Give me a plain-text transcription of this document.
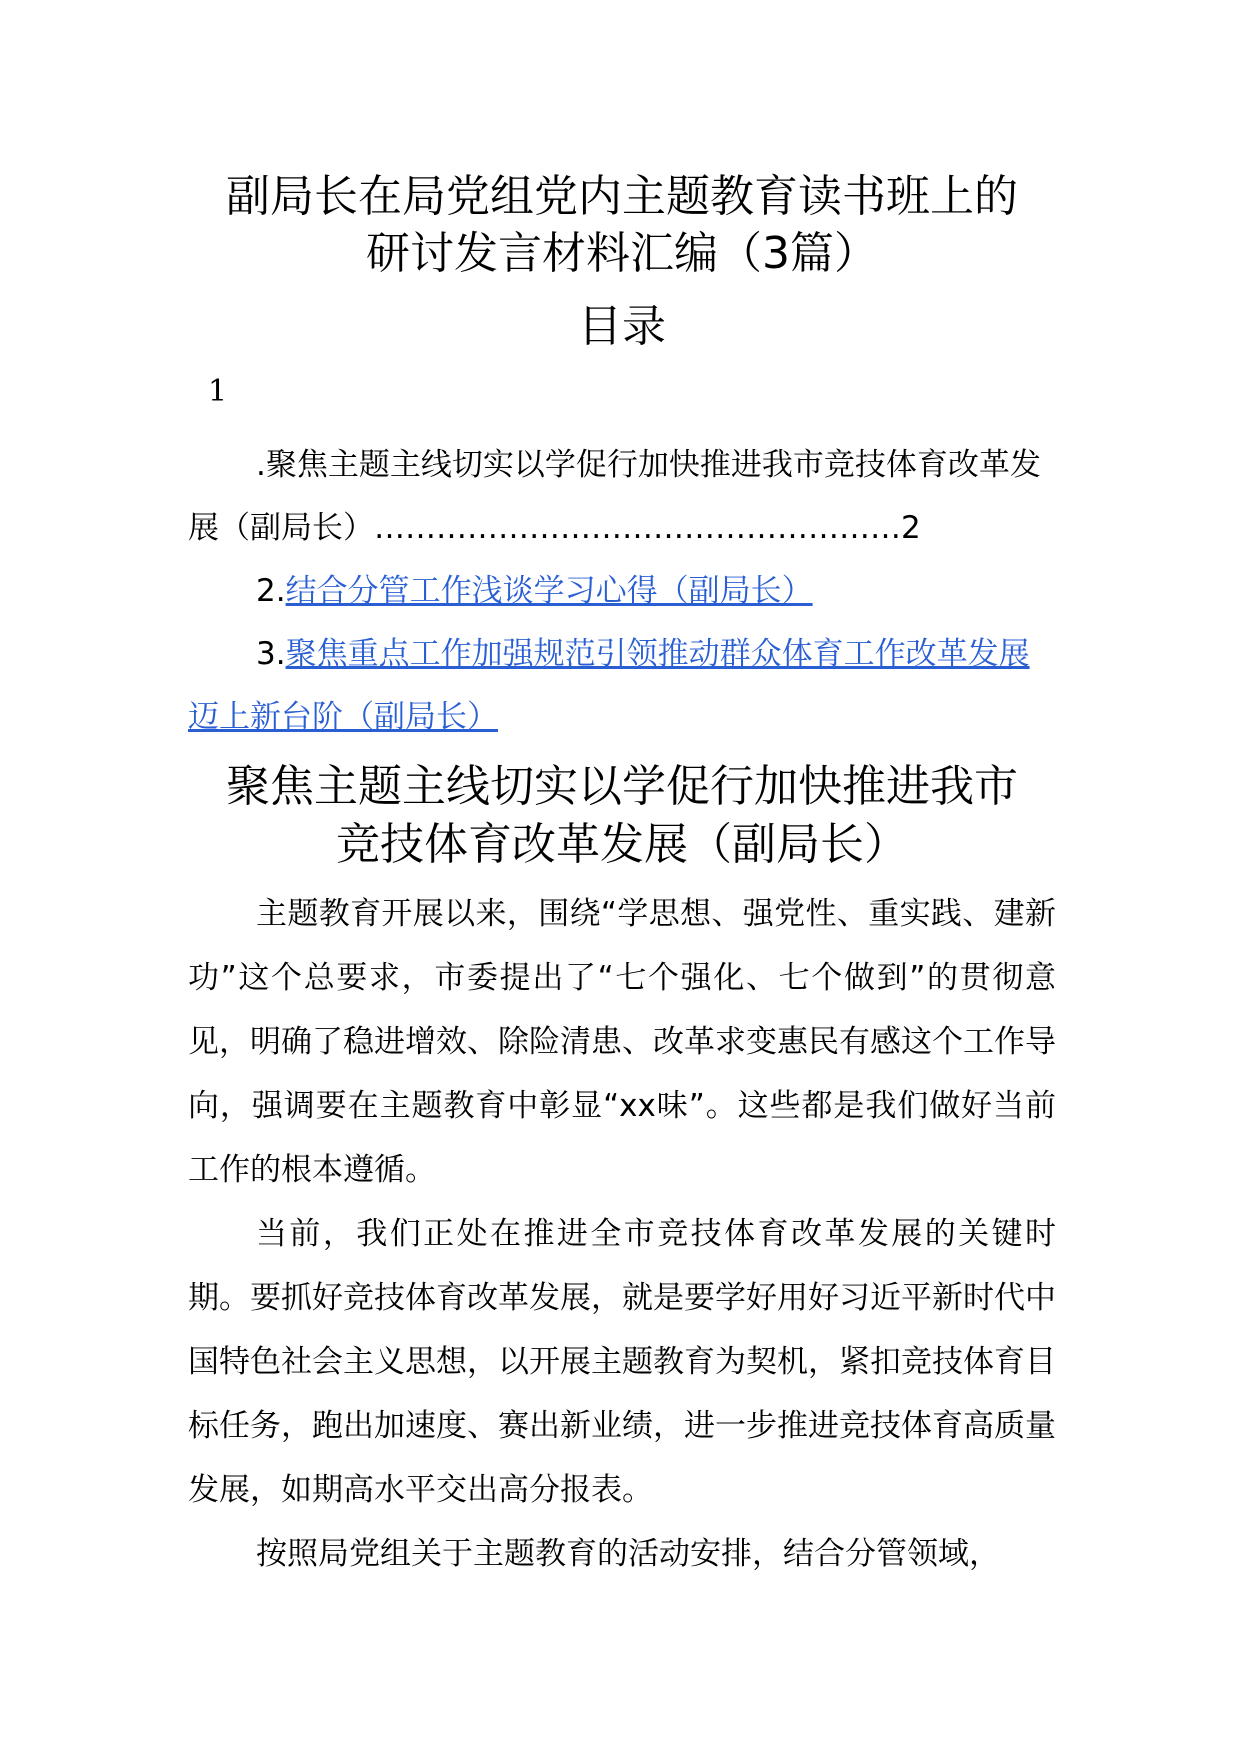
副局长在局党组党内主题教育读书班上的
研讨发言材料汇编（3篇）
目录
1

.聚焦主题主线切实以学促行加快推进我市竞技体育改革发展（副局长）……………………………………………2

2.结合分管工作浅谈学习心得（副局长）

3.聚焦重点工作加强规范引领推动群众体育工作改革发展迈上新台阶（副局长）

聚焦主题主线切实以学促行加快推进我市
竞技体育改革发展（副局长）

主题教育开展以来，围绕“学思想、强党性、重实践、建新功”这个总要求，市委提出了“七个强化、七个做到”的贯彻意见，明确了稳进增效、除险清患、改革求变惠民有感这个工作导向，强调要在主题教育中彰显“xx味”。这些都是我们做好当前工作的根本遵循。

当前，我们正处在推进全市竞技体育改革发展的关键时期。要抓好竞技体育改革发展，就是要学好用好习近平新时代中国特色社会主义思想，以开展主题教育为契机，紧扣竞技体育目标任务，跑出加速度、赛出新业绩，进一步推进竞技体育高质量发展，如期高水平交出高分报表。

按照局党组关于主题教育的活动安排，结合分管领域，
